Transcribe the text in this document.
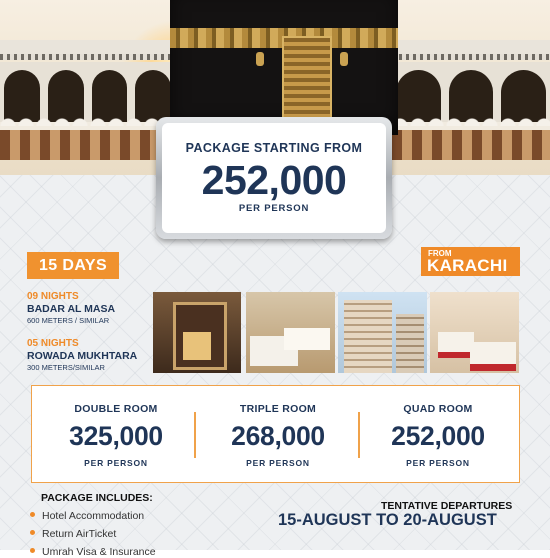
PACKAGE STARTING FROM
252,000
PER PERSON
15 DAYS
FROM
KARACHI
09 NIGHTS
BADAR AL MASA
600 METERS / SIMILAR
05 NIGHTS
ROWADA MUKHTARA
300 METERS/SIMILAR
DOUBLE ROOM
325,000
PER PERSON
TRIPLE ROOM
268,000
PER PERSON
QUAD ROOM
252,000
PER PERSON
PACKAGE INCLUDES:
Hotel Accommodation
Return AirTicket
Umrah Visa & Insurance
TENTATIVE DEPARTURES
15-AUGUST TO 20-AUGUST
